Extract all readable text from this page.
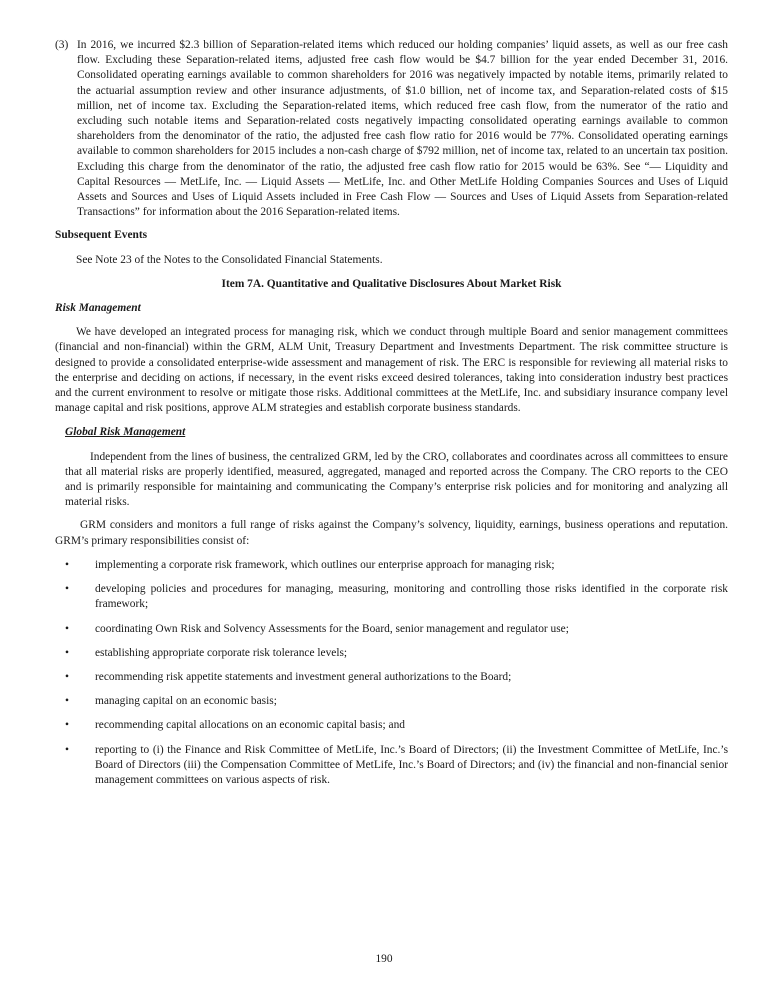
(3) In 2016, we incurred $2.3 billion of Separation-related items which reduced our holding companies’ liquid assets, as well as our free cash flow. Excluding these Separation-related items, adjusted free cash flow would be $4.7 billion for the year ended December 31, 2016. Consolidated operating earnings available to common shareholders for 2016 was negatively impacted by notable items, primarily related to the actuarial assumption review and other insurance adjustments, of $1.0 billion, net of income tax, and Separation-related costs of $15 million, net of income tax. Excluding the Separation-related items, which reduced free cash flow, from the numerator of the ratio and excluding such notable items and Separation-related costs negatively impacting consolidated operating earnings available to common shareholders from the denominator of the ratio, the adjusted free cash flow ratio for 2016 would be 77%. Consolidated operating earnings available to common shareholders for 2015 includes a non-cash charge of $792 million, net of income tax, related to an uncertain tax position. Excluding this charge from the denominator of the ratio, the adjusted free cash flow ratio for 2015 would be 63%. See “— Liquidity and Capital Resources — MetLife, Inc. — Liquid Assets — MetLife, Inc. and Other MetLife Holding Companies Sources and Uses of Liquid Assets and Sources and Uses of Liquid Assets included in Free Cash Flow — Sources and Uses of Liquid Assets from Separation-related Transactions” for information about the 2016 Separation-related items.
Subsequent Events
See Note 23 of the Notes to the Consolidated Financial Statements.
Item 7A. Quantitative and Qualitative Disclosures About Market Risk
Risk Management
We have developed an integrated process for managing risk, which we conduct through multiple Board and senior management committees (financial and non-financial) within the GRM, ALM Unit, Treasury Department and Investments Department. The risk committee structure is designed to provide a consolidated enterprise-wide assessment and management of risk. The ERC is responsible for reviewing all material risks to the enterprise and deciding on actions, if necessary, in the event risks exceed desired tolerances, taking into consideration industry best practices and the current environment to resolve or mitigate those risks. Additional committees at the MetLife, Inc. and subsidiary insurance company level manage capital and risk positions, approve ALM strategies and establish corporate business standards.
Global Risk Management
Independent from the lines of business, the centralized GRM, led by the CRO, collaborates and coordinates across all committees to ensure that all material risks are properly identified, measured, aggregated, managed and reported across the Company. The CRO reports to the CEO and is primarily responsible for maintaining and communicating the Company’s enterprise risk policies and for monitoring and analyzing all material risks.
GRM considers and monitors a full range of risks against the Company’s solvency, liquidity, earnings, business operations and reputation. GRM’s primary responsibilities consist of:
•	implementing a corporate risk framework, which outlines our enterprise approach for managing risk;
•	developing policies and procedures for managing, measuring, monitoring and controlling those risks identified in the corporate risk framework;
•	coordinating Own Risk and Solvency Assessments for the Board, senior management and regulator use;
•	establishing appropriate corporate risk tolerance levels;
•	recommending risk appetite statements and investment general authorizations to the Board;
•	managing capital on an economic basis;
•	recommending capital allocations on an economic capital basis; and
•	reporting to (i) the Finance and Risk Committee of MetLife, Inc.’s Board of Directors; (ii) the Investment Committee of MetLife, Inc.’s Board of Directors (iii) the Compensation Committee of MetLife, Inc.’s Board of Directors; and (iv) the financial and non-financial senior management committees on various aspects of risk.
190
